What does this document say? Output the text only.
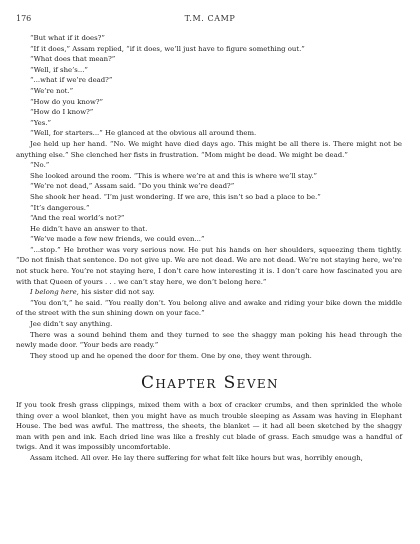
176	T.M. CAMP

“But what if it does?”

“If it does,” Assam replied, “if it does, we’ll just have to figure something out.”

“What does that mean?”

“Well, if she’s...”

“...what if we’re dead?”

“We’re not.”

“How do you know?”

“How do I know?”

“Yes.”

“Well, for starters...” He glanced at the obvious all around them.

Jee held up her hand. “No. We might have died days ago. This might be all there is. There might not be anything else.” She clenched her fists in frustration. “Mom might be dead. We might be dead.”

“No.”

She looked around the room. “This is where we’re at and this is where we’ll stay.”

“We’re not dead,” Assam said. “Do you think we’re dead?”

She shook her head. “I’m just wondering. If we are, this isn’t so bad a place to be.”

“It’s dangerous.”

“And the real world’s not?”

He didn’t have an answer to that.

“We’ve made a few new friends, we could even...”

“...stop.” He brother was very serious now. He put his hands on her shoulders, squeezing them tightly. “Do not finish that sentence. Do not give up. We are not dead. We are not dead. We’re not staying here, we’re not stuck here. You’re not staying here, I don’t care how interesting it is. I don’t care how fascinated you are with that Queen of yours . . . we can’t stay here, we don’t belong here.”

I belong here, his sister did not say.

“You don’t,” he said. “You really don’t. You belong alive and awake and riding your bike down the middle of the street with the sun shining down on your face.”

Jee didn’t say anything.

There was a sound behind them and they turned to see the shaggy man poking his head through the newly made door. “Your beds are ready.”

They stood up and he opened the door for them. One by one, they went through.

Chapter Seven

If you took fresh grass clippings, mixed them with a box of cracker crumbs, and then sprinkled the whole thing over a wool blanket, then you might have as much trouble sleeping as Assam was having in Elephant House. The bed was awful. The mattress, the sheets, the blanket — it had all been sketched by the shaggy man with pen and ink. Each dried line was like a freshly cut blade of grass. Each smudge was a handful of twigs. And it was impossibly uncomfortable.

Assam itched. All over. He lay there suffering for what felt like hours but was, horribly enough,
